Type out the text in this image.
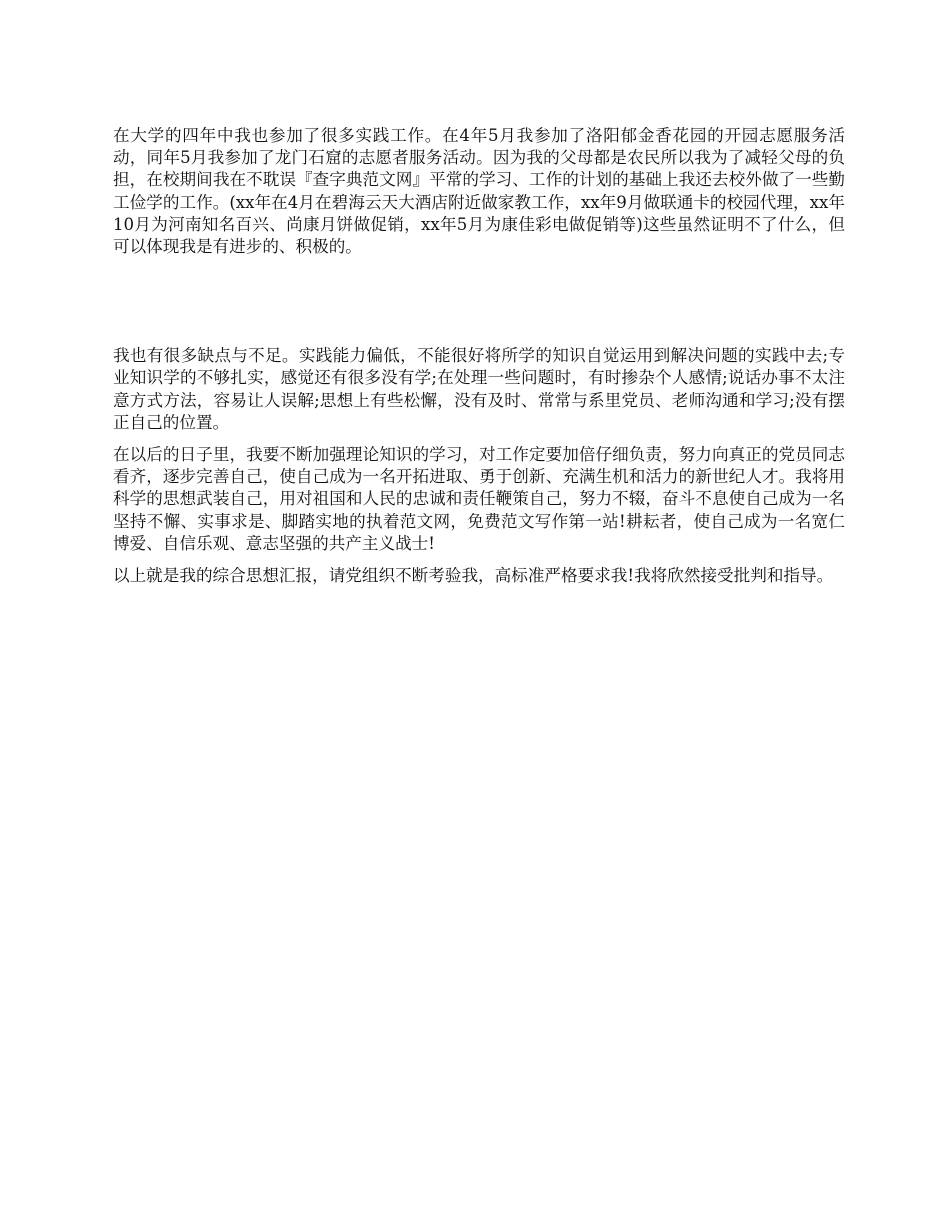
在大学的四年中我也参加了很多实践工作。在4年5月我参加了洛阳郁金香花园的开园志愿服务活动，同年5月我参加了龙门石窟的志愿者服务活动。因为我的父母都是农民所以我为了减轻父母的负担，在校期间我在不耽误『查字典范文网』平常的学习、工作的计划的基础上我还去校外做了一些勤工俭学的工作。(xx年在4月在碧海云天大酒店附近做家教工作，xx年9月做联通卡的校园代理，xx年10月为河南知名百兴、尚康月饼做促销，xx年5月为康佳彩电做促销等)这些虽然证明不了什么，但可以体现我是有进步的、积极的。

我也有很多缺点与不足。实践能力偏低，不能很好将所学的知识自觉运用到解决问题的实践中去;专业知识学的不够扎实，感觉还有很多没有学;在处理一些问题时，有时掺杂个人感情;说话办事不太注意方式方法，容易让人误解;思想上有些松懈，没有及时、常常与系里党员、老师沟通和学习;没有摆正自己的位置。

在以后的日子里，我要不断加强理论知识的学习，对工作定要加倍仔细负责，努力向真正的党员同志看齐，逐步完善自己，使自己成为一名开拓进取、勇于创新、充满生机和活力的新世纪人才。我将用科学的思想武装自己，用对祖国和人民的忠诚和责任鞭策自己，努力不辍，奋斗不息使自己成为一名坚持不懈、实事求是、脚踏实地的执着范文网，免费范文写作第一站!耕耘者，使自己成为一名宽仁博爱、自信乐观、意志坚强的共产主义战士!

以上就是我的综合思想汇报，请党组织不断考验我，高标准严格要求我!我将欣然接受批判和指导。
